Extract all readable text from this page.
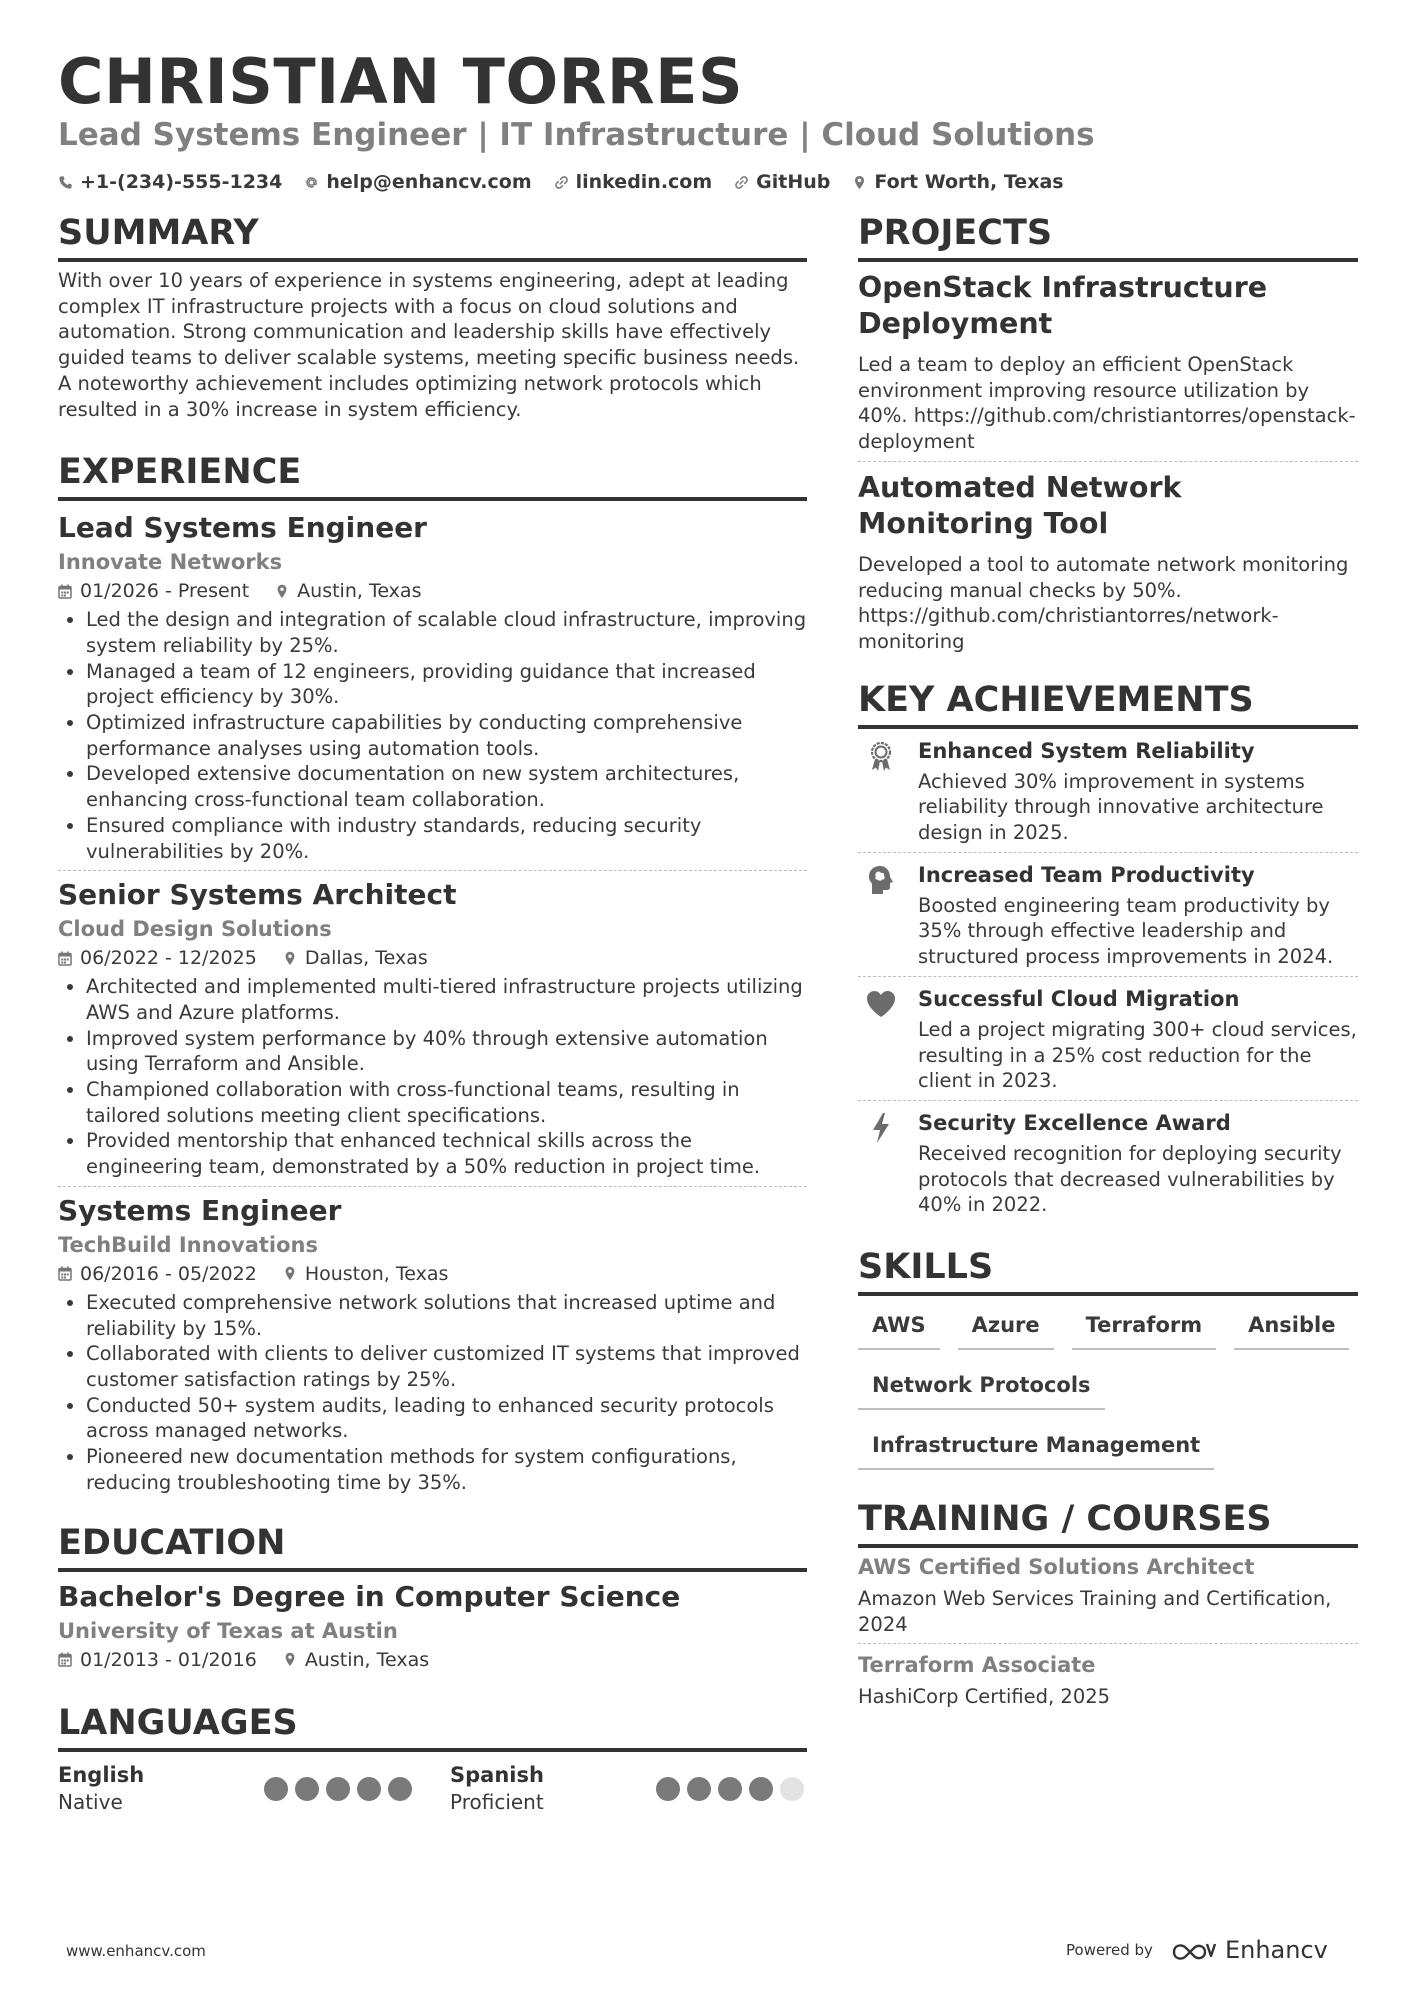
CHRISTIAN TORRES
Lead Systems Engineer | IT Infrastructure | Cloud Solutions
+1-(234)-555-1234 help@enhancv.com linkedin.com GitHub Fort Worth, Texas
SUMMARY
With over 10 years of experience in systems engineering, adept at leading complex IT infrastructure projects with a focus on cloud solutions and automation. Strong communication and leadership skills have effectively guided teams to deliver scalable systems, meeting specific business needs. A noteworthy achievement includes optimizing network protocols which resulted in a 30% increase in system efficiency.
EXPERIENCE
Lead Systems Engineer
Innovate Networks
01/2026 - Present	Austin, Texas
• Led the design and integration of scalable cloud infrastructure, improving system reliability by 25%.
• Managed a team of 12 engineers, providing guidance that increased project efficiency by 30%.
• Optimized infrastructure capabilities by conducting comprehensive performance analyses using automation tools.
• Developed extensive documentation on new system architectures, enhancing cross-functional team collaboration.
• Ensured compliance with industry standards, reducing security vulnerabilities by 20%.
Senior Systems Architect
Cloud Design Solutions
06/2022 - 12/2025	Dallas, Texas
• Architected and implemented multi-tiered infrastructure projects utilizing AWS and Azure platforms.
• Improved system performance by 40% through extensive automation using Terraform and Ansible.
• Championed collaboration with cross-functional teams, resulting in tailored solutions meeting client specifications.
• Provided mentorship that enhanced technical skills across the engineering team, demonstrated by a 50% reduction in project time.
Systems Engineer
TechBuild Innovations
06/2016 - 05/2022	Houston, Texas
• Executed comprehensive network solutions that increased uptime and reliability by 15%.
• Collaborated with clients to deliver customized IT systems that improved customer satisfaction ratings by 25%.
• Conducted 50+ system audits, leading to enhanced security protocols across managed networks.
• Pioneered new documentation methods for system configurations, reducing troubleshooting time by 35%.
EDUCATION
Bachelor's Degree in Computer Science
University of Texas at Austin
01/2013 - 01/2016	Austin, Texas
LANGUAGES
English
Native
Spanish
Proficient
PROJECTS
OpenStack Infrastructure Deployment
Led a team to deploy an efficient OpenStack environment improving resource utilization by 40%. https://github.com/christiantorres/openstack-deployment
Automated Network Monitoring Tool
Developed a tool to automate network monitoring reducing manual checks by 50%. https://github.com/christiantorres/network-monitoring
KEY ACHIEVEMENTS
Enhanced System Reliability
Achieved 30% improvement in systems reliability through innovative architecture design in 2025.
Increased Team Productivity
Boosted engineering team productivity by 35% through effective leadership and structured process improvements in 2024.
Successful Cloud Migration
Led a project migrating 300+ cloud services, resulting in a 25% cost reduction for the client in 2023.
Security Excellence Award
Received recognition for deploying security protocols that decreased vulnerabilities by 40% in 2022.
SKILLS
AWS	Azure	Terraform	Ansible
Network Protocols
Infrastructure Management
TRAINING / COURSES
AWS Certified Solutions Architect
Amazon Web Services Training and Certification, 2024
Terraform Associate
HashiCorp Certified, 2025
www.enhancv.com	Powered by	Enhancv
